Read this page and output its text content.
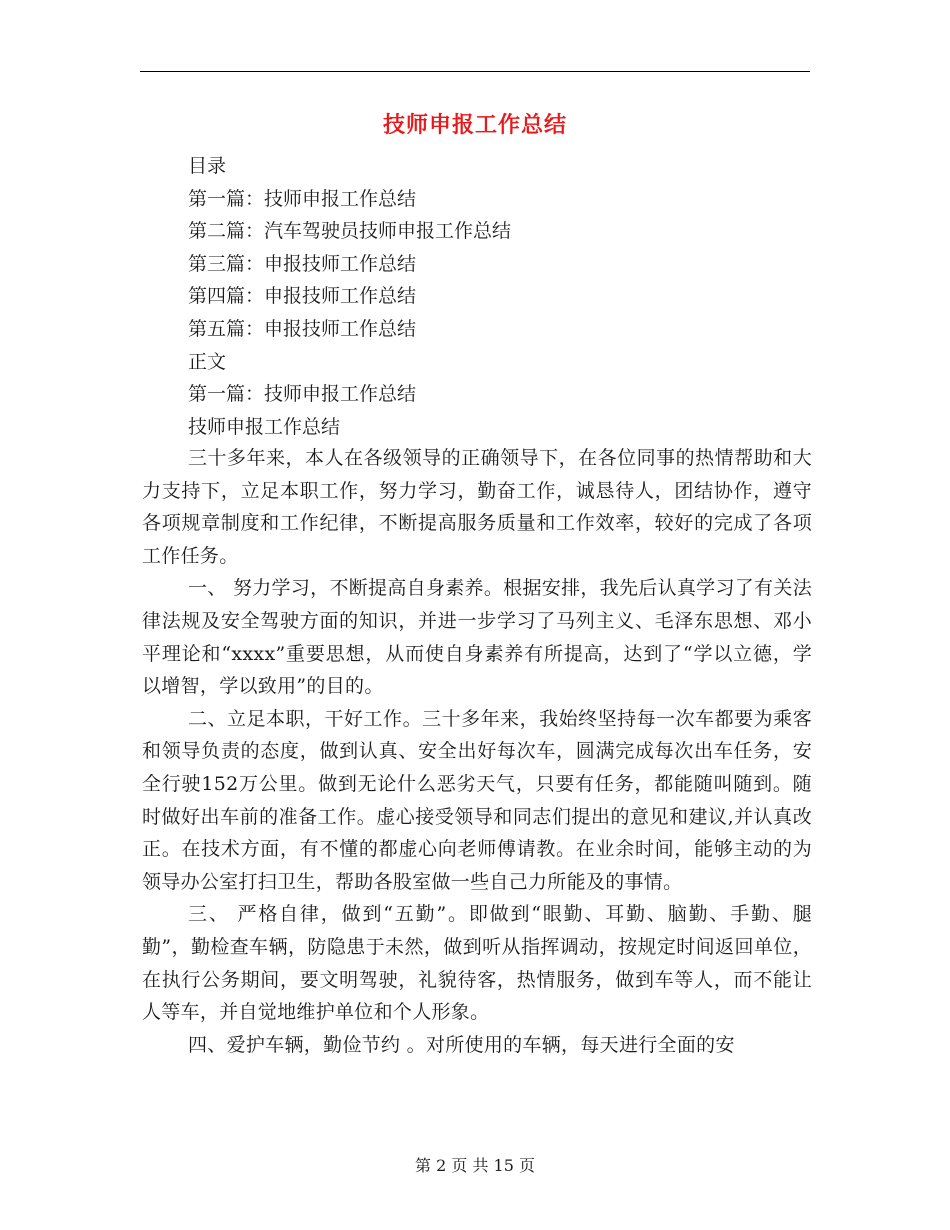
技师申报工作总结
目录
第一篇：技师申报工作总结
第二篇：汽车驾驶员技师申报工作总结
第三篇：申报技师工作总结
第四篇：申报技师工作总结
第五篇：申报技师工作总结
正文
第一篇：技师申报工作总结
技师申报工作总结

三十多年来，本人在各级领导的正确领导下，在各位同事的热情帮助和大力支持下，立足本职工作，努力学习，勤奋工作，诚恳待人，团结协作，遵守各项规章制度和工作纪律，不断提高服务质量和工作效率，较好的完成了各项工作任务。

一、 努力学习，不断提高自身素养。根据安排，我先后认真学习了有关法律法规及安全驾驶方面的知识，并进一步学习了马列主义、毛泽东思想、邓小平理论和“xxxx”重要思想，从而使自身素养有所提高，达到了“学以立德，学以增智，学以致用”的目的。

二、立足本职，干好工作。三十多年来，我始终坚持每一次车都要为乘客和领导负责的态度，做到认真、安全出好每次车，圆满完成每次出车任务，安全行驶152万公里。做到无论什么恶劣天气，只要有任务，都能随叫随到。随时做好出车前的准备工作。虚心接受领导和同志们提出的意见和建议,并认真改正。在技术方面，有不懂的都虚心向老师傅请教。在业余时间，能够主动的为领导办公室打扫卫生，帮助各股室做一些自己力所能及的事情。

三、 严格自律，做到“五勤”。即做到“眼勤、耳勤、脑勤、手勤、腿勤”，勤检查车辆，防隐患于未然，做到听从指挥调动，按规定时间返回单位，在执行公务期间，要文明驾驶，礼貌待客，热情服务，做到车等人，而不能让人等车，并自觉地维护单位和个人形象。

四、爱护车辆，勤俭节约 。对所使用的车辆，每天进行全面的安

第 2 页 共 15 页
